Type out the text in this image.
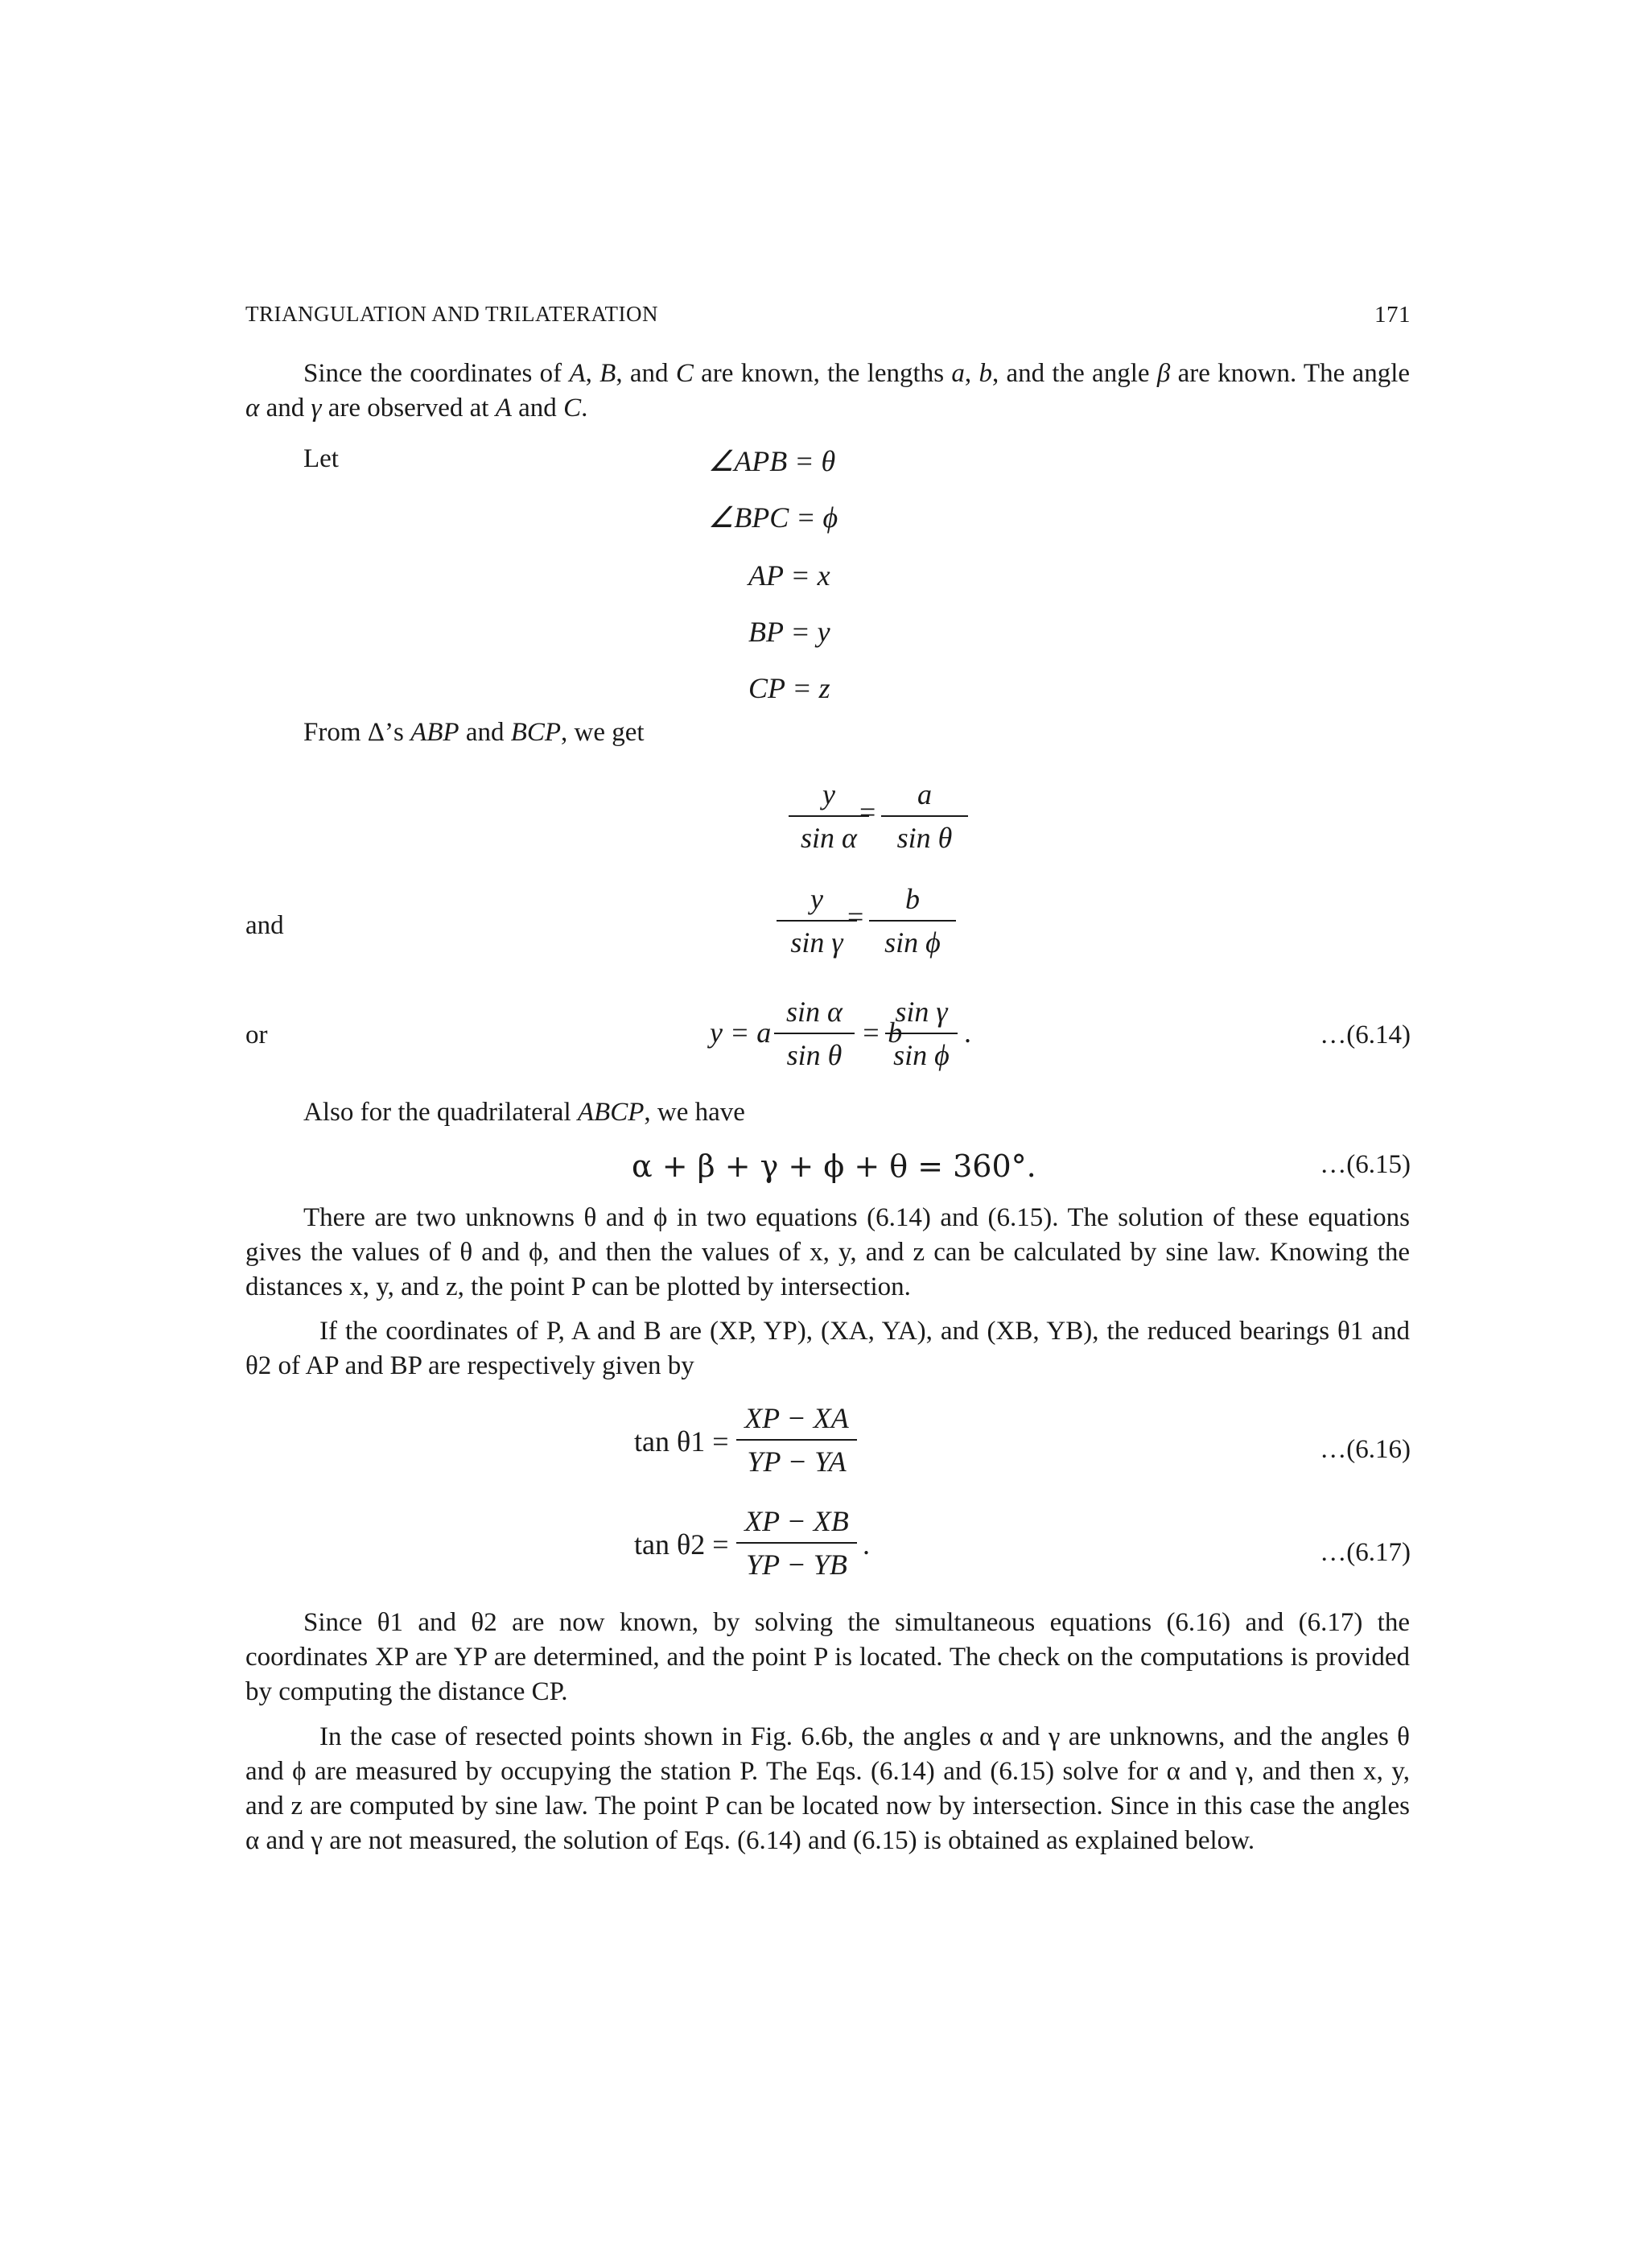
TRIANGULATION AND TRILATERATION	171
Since the coordinates of A, B, and C are known, the lengths a, b, and the angle β are known. The angle α and γ are observed at A and C.
Let	∠APB = θ
∠BPC = ϕ
AP = x
BP = y
CP = z
From Δ’s ABP and BCP, we get
y
sin α
=
a
sin θ
and
y
sin γ
=
b
sin ϕ
or	y = a
sin α
sin θ
= b
sin γ
sin ϕ
.	…(6.14)
Also for the quadrilateral ABCP, we have
α + β + γ + ϕ + θ = 360°.	…(6.15)
There are two unknowns θ and ϕ in two equations (6.14) and (6.15). The solution of these equations gives the values of θ and ϕ, and then the values of x, y, and z can be calculated by sine law. Knowing the distances x, y, and z, the point P can be plotted by intersection.
If the coordinates of P, A and B are (XP, YP), (XA, YA), and (XB, YB), the reduced bearings θ1 and θ2 of AP and BP are respectively given by
tan θ1 =
XP − XA
YP − YA	…(6.16)
tan θ2 =
XP − XB
YP − YB
.	…(6.17)
Since θ1 and θ2 are now known, by solving the simultaneous equations (6.16) and (6.17) the coordinates XP are YP are determined, and the point P is located. The check on the computations is provided by computing the distance CP.
In the case of resected points shown in Fig. 6.6b, the angles α and γ are unknowns, and the angles θ and ϕ are measured by occupying the station P. The Eqs. (6.14) and (6.15) solve for α and γ, and then x, y, and z are computed by sine law. The point P can be located now by intersection. Since in this case the angles α and γ are not measured, the solution of Eqs. (6.14) and (6.15) is obtained as explained below.
